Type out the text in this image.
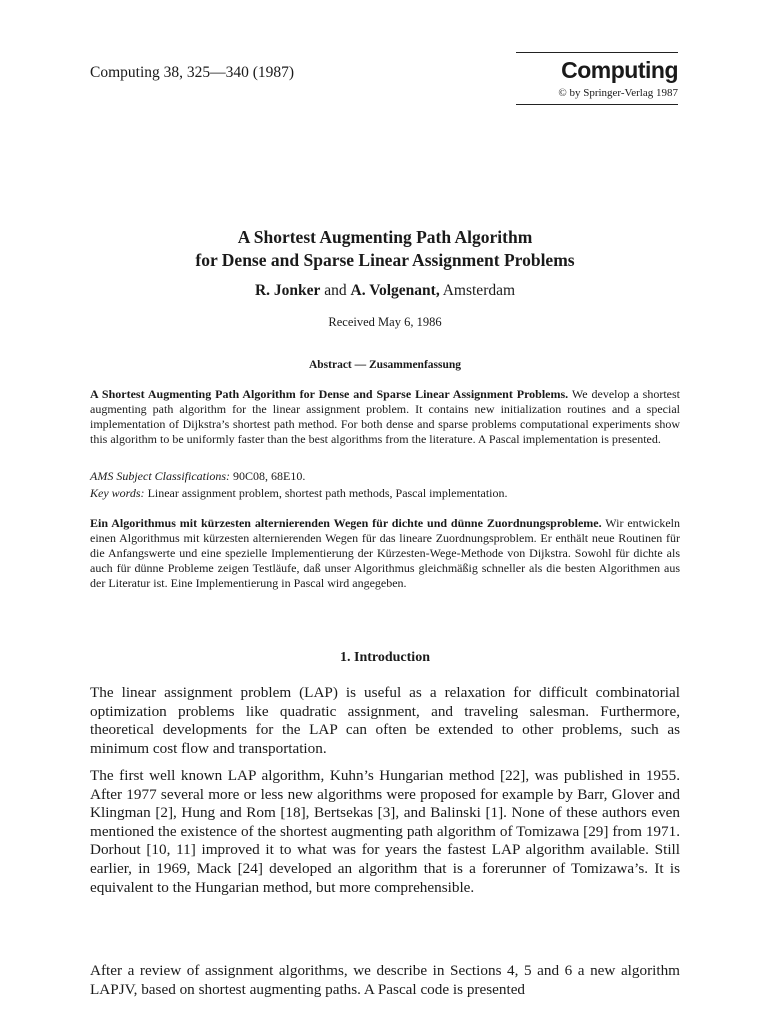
Computing 38, 325—340 (1987)	Computing
© by Springer-Verlag 1987
A Shortest Augmenting Path Algorithm
for Dense and Sparse Linear Assignment Problems
R. Jonker and A. Volgenant, Amsterdam
Received May 6, 1986
Abstract — Zusammenfassung
A Shortest Augmenting Path Algorithm for Dense and Sparse Linear Assignment Problems. We develop a shortest augmenting path algorithm for the linear assignment problem. It contains new initialization routines and a special implementation of Dijkstra’s shortest path method. For both dense and sparse problems computational experiments show this algorithm to be uniformly faster than the best algorithms from the literature. A Pascal implementation is presented.
AMS Subject Classifications: 90C08, 68E10.
Key words: Linear assignment problem, shortest path methods, Pascal implementation.
Ein Algorithmus mit kürzesten alternierenden Wegen für dichte und dünne Zuordnungsprobleme. Wir entwickeln einen Algorithmus mit kürzesten alternierenden Wegen für das lineare Zuordnungsproblem. Er enthält neue Routinen für die Anfangswerte und eine spezielle Implementierung der Kürzesten-Wege-Methode von Dijkstra. Sowohl für dichte als auch für dünne Probleme zeigen Testläufe, daß unser Algorithmus gleichmäßig schneller als die besten Algorithmen aus der Literatur ist. Eine Implementierung in Pascal wird angegeben.
1. Introduction
The linear assignment problem (LAP) is useful as a relaxation for difficult combinatorial optimization problems like quadratic assignment, and traveling salesman. Furthermore, theoretical developments for the LAP can often be extended to other problems, such as minimum cost flow and transportation.
The first well known LAP algorithm, Kuhn’s Hungarian method [22], was published in 1955. After 1977 several more or less new algorithms were proposed for example by Barr, Glover and Klingman [2], Hung and Rom [18], Bertsekas [3], and Balinski [1]. None of these authors even mentioned the existence of the shortest augmenting path algorithm of Tomizawa [29] from 1971. Dorhout [10, 11] improved it to what was for years the fastest LAP algorithm available. Still earlier, in 1969, Mack [24] developed an algorithm that is a forerunner of Tomizawa’s. It is equivalent to the Hungarian method, but more comprehensible.
After a review of assignment algorithms, we describe in Sections 4, 5 and 6 a new algorithm LAPJV, based on shortest augmenting paths. A Pascal code is presented
